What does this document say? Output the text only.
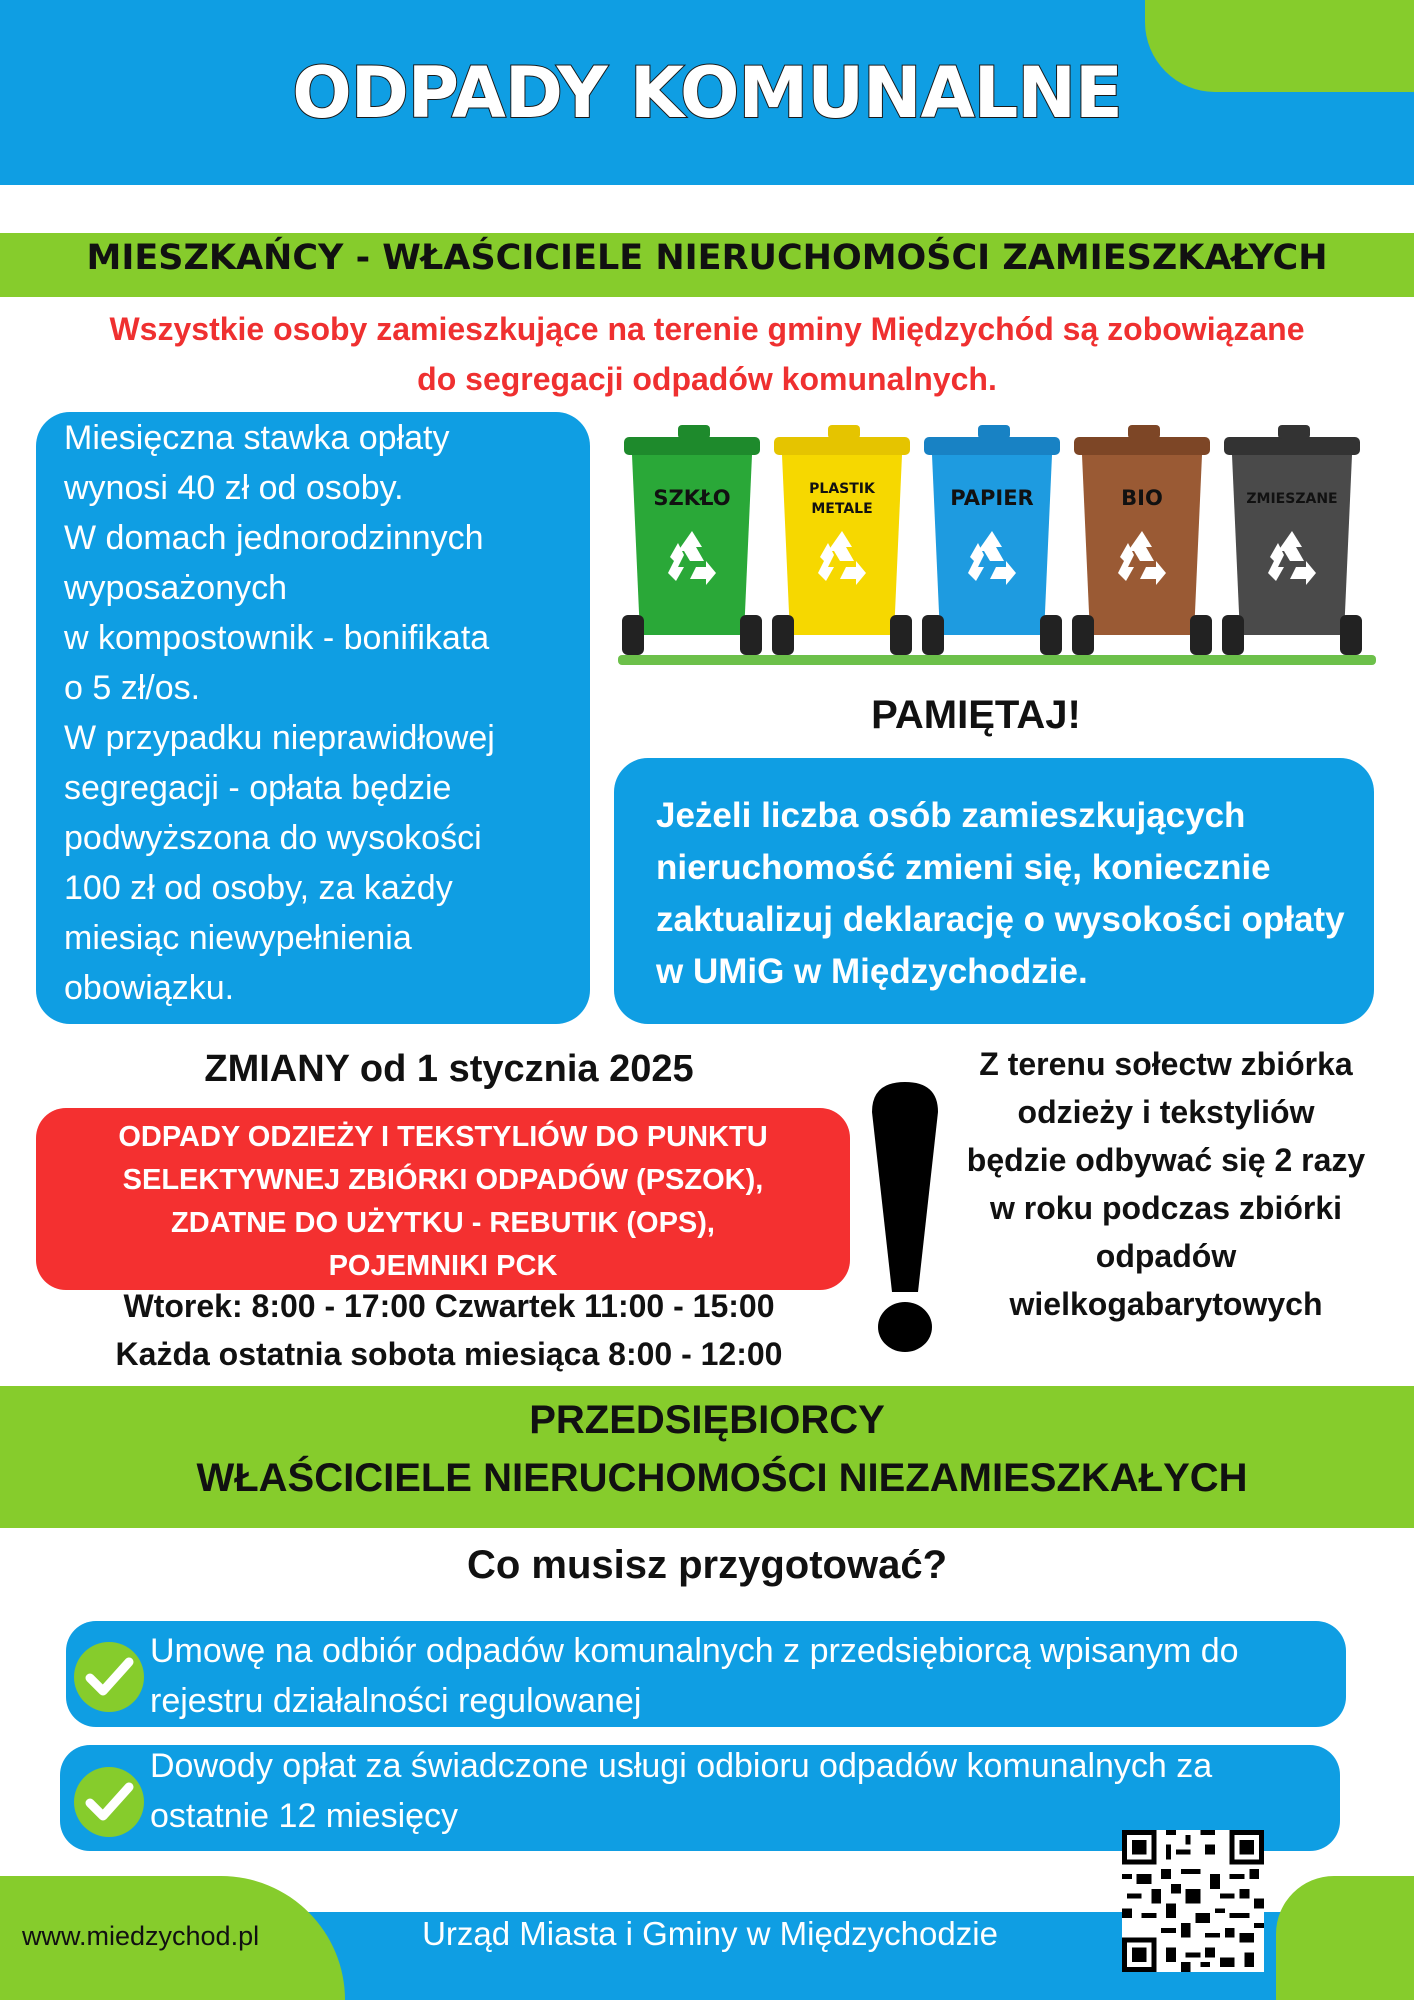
ODPADY KOMUNALNE
MIESZKAŃCY - WŁAŚCICIELE NIERUCHOMOŚCI ZAMIESZKAŁYCH
Wszystkie osoby zamieszkujące na terenie gminy Międzychód są zobowiązane
do segregacji odpadów komunalnych.
Miesięczna stawka opłaty
wynosi 40 zł od osoby.
W domach jednorodzinnych
wyposażonych
w kompostownik - bonifikata
o 5 zł/os.
W przypadku nieprawidłowej
segregacji - opłata będzie
podwyższona do wysokości
100 zł od osoby, za każdy
miesiąc niewypełnienia
obowiązku.
SZKŁO	PLASTIK
METALE	PAPIER	BIO	ZMIESZANE
PAMIĘTAJ!
Jeżeli liczba osób zamieszkujących nieruchomość zmieni się, koniecznie zaktualizuj deklarację o wysokości opłaty w UMiG w Międzychodzie.
ZMIANY od 1 stycznia 2025
ODPADY ODZIEŻY I TEKSTYLIÓW DO PUNKTU
SELEKTYWNEJ ZBIÓRKI ODPADÓW (PSZOK),
ZDATNE DO UŻYTKU - REBUTIK (OPS),
POJEMNIKI PCK
Wtorek: 8:00 - 17:00 Czwartek 11:00 - 15:00
Każda ostatnia sobota miesiąca 8:00 - 12:00
Z terenu sołectw zbiórka odzieży i tekstyliów będzie odbywać się 2 razy w roku podczas zbiórki odpadów wielkogabarytowych
PRZEDSIĘBIORCY
WŁAŚCICIELE NIERUCHOMOŚCI NIEZAMIESZKAŁYCH
Co musisz przygotować?
Umowę na odbiór odpadów komunalnych z przedsiębiorcą wpisanym do rejestru działalności regulowanej
Dowody opłat za świadczone usługi odbioru odpadów komunalnych za ostatnie 12 miesięcy
www.miedzychod.pl	Urząd Miasta i Gminy w Międzychodzie
